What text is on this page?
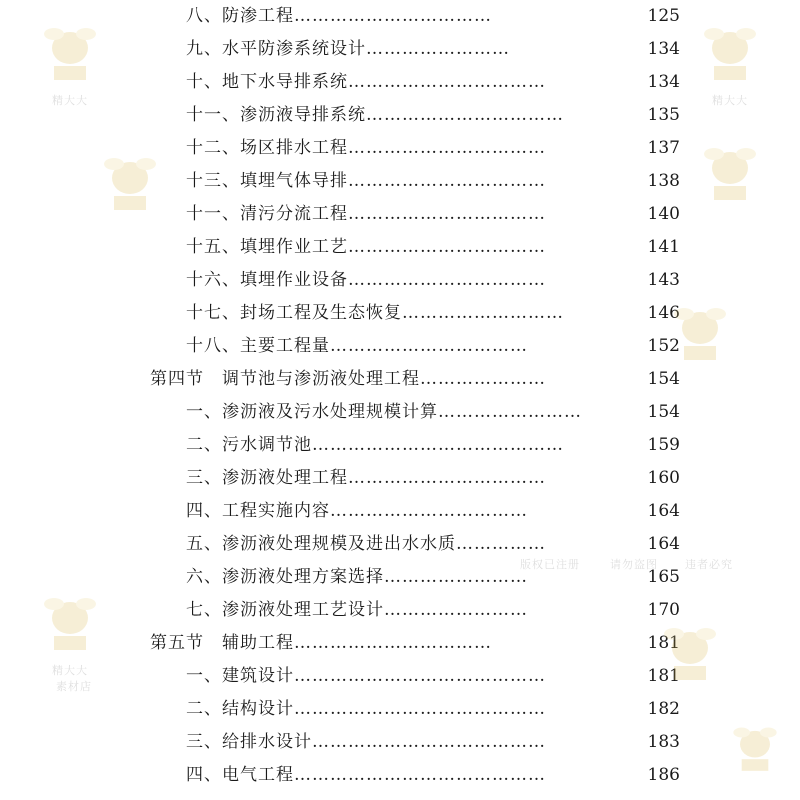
八、防渗工程……………………………	125
九、水平防渗系统设计……………………	134
十、地下水导排系统……………………………	134
十一、渗沥液导排系统……………………………	135
十二、场区排水工程……………………………	137
十三、填埋气体导排……………………………	138
十一、清污分流工程……………………………	140
十五、填埋作业工艺……………………………	141
十六、填埋作业设备……………………………	143
十七、封场工程及生态恢复………………………	146
十八、主要工程量……………………………	152
第四节　调节池与渗沥液处理工程…………………	154
一、渗沥液及污水处理规模计算……………………	154
二、污水调节池……………………………………	159
三、渗沥液处理工程……………………………	160
四、工程实施内容……………………………	164
五、渗沥液处理规模及进出水水质……………	164
六、渗沥液处理方案选择……………………	165
七、渗沥液处理工艺设计……………………	170
第五节　辅助工程……………………………	181
一、建筑设计……………………………………	181
二、结构设计……………………………………	182
三、给排水设计…………………………………	183
四、电气工程……………………………………	186
精大大	精大大
精大大
素材店
版权已注册	请勿盗图 违者必究
